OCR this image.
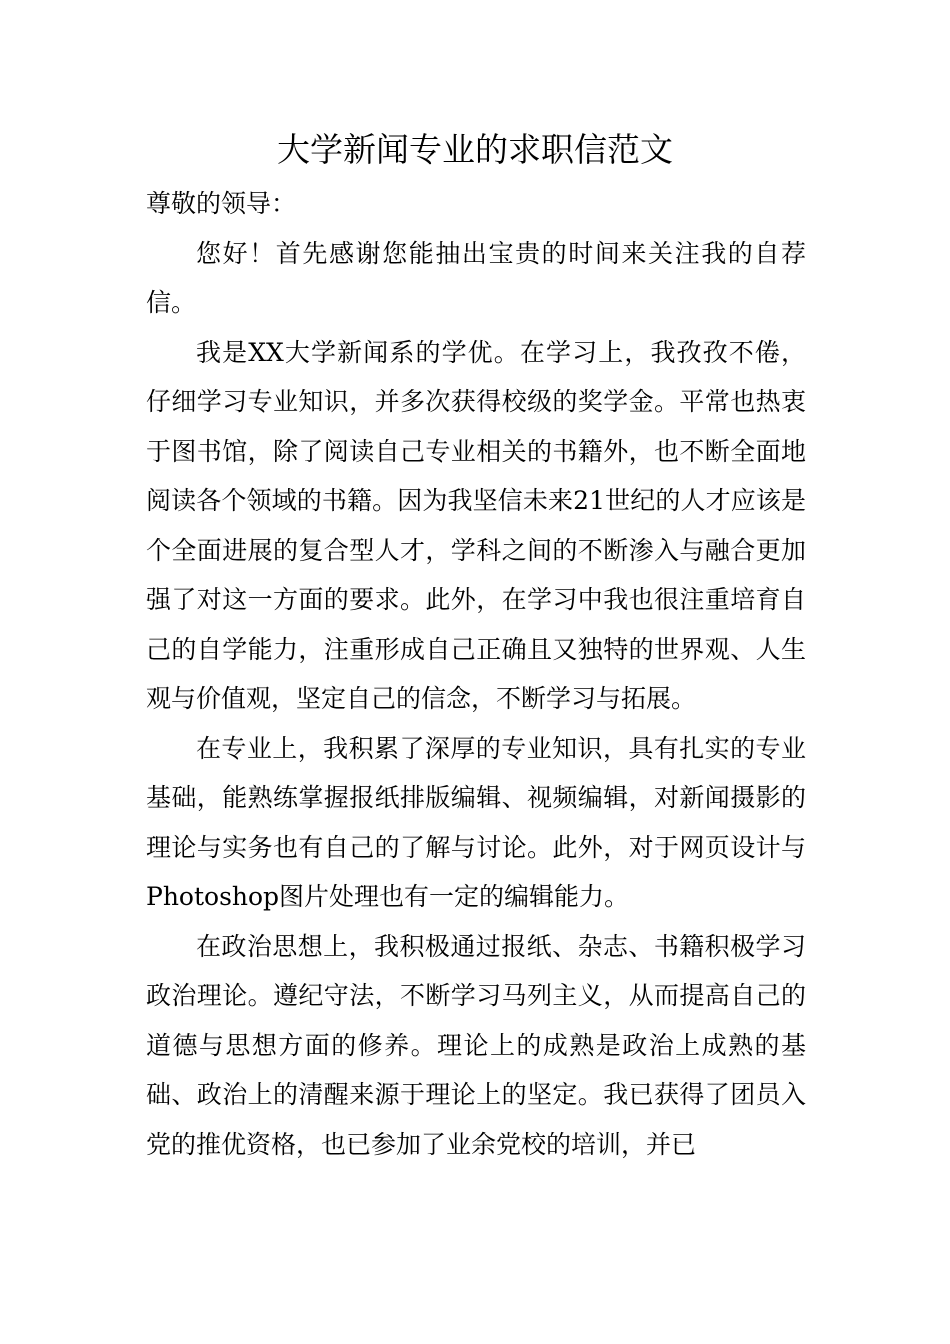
大学新闻专业的求职信范文

尊敬的领导：

您好！首先感谢您能抽出宝贵的时间来关注我的自荐信。

我是XX大学新闻系的学优。在学习上，我孜孜不倦，仔细学习专业知识，并多次获得校级的奖学金。平常也热衷于图书馆，除了阅读自己专业相关的书籍外，也不断全面地阅读各个领域的书籍。因为我坚信未来21世纪的人才应该是个全面进展的复合型人才，学科之间的不断渗入与融合更加强了对这一方面的要求。此外，在学习中我也很注重培育自己的自学能力，注重形成自己正确且又独特的世界观、人生观与价值观，坚定自己的信念，不断学习与拓展。

在专业上，我积累了深厚的专业知识，具有扎实的专业基础，能熟练掌握报纸排版编辑、视频编辑，对新闻摄影的理论与实务也有自己的了解与讨论。此外，对于网页设计与Photoshop图片处理也有一定的编辑能力。

在政治思想上，我积极通过报纸、杂志、书籍积极学习政治理论。遵纪守法，不断学习马列主义，从而提高自己的道德与思想方面的修养。理论上的成熟是政治上成熟的基础、政治上的清醒来源于理论上的坚定。我已获得了团员入党的推优资格，也已参加了业余党校的培训，并已
